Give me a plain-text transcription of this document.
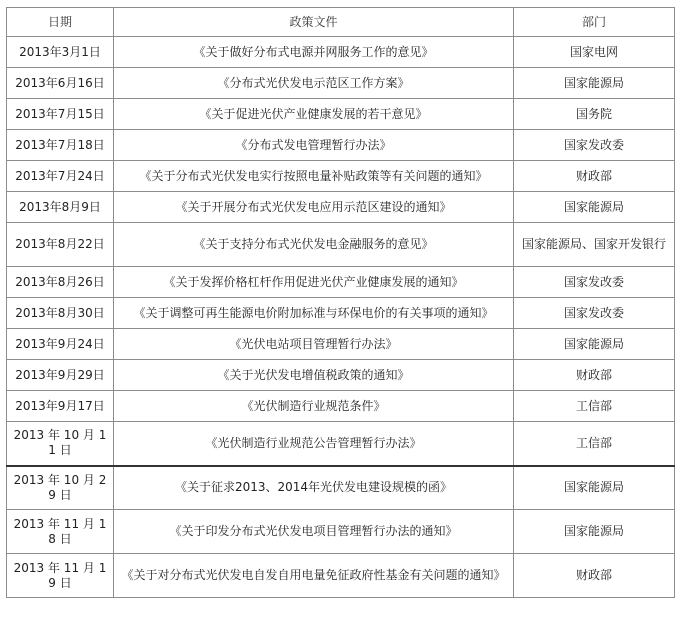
日期	政策文件	部门
2013年3月1日	《关于做好分布式电源并网服务工作的意见》	国家电网
2013年6月16日	《分布式光伏发电示范区工作方案》	国家能源局
2013年7月15日	《关于促进光伏产业健康发展的若干意见》	国务院
2013年7月18日	《分布式发电管理暂行办法》	国家发改委
2013年7月24日	《关于分布式光伏发电实行按照电量补贴政策等有关问题的通知》	财政部
2013年8月9日	《关于开展分布式光伏发电应用示范区建设的通知》	国家能源局
2013年8月22日	《关于支持分布式光伏发电金融服务的意见》	国家能源局、国家开发银行
2013年8月26日	《关于发挥价格杠杆作用促进光伏产业健康发展的通知》	国家发改委
2013年8月30日	《关于调整可再生能源电价附加标准与环保电价的有关事项的通知》	国家发改委
2013年9月24日	《光伏电站项目管理暂行办法》	国家能源局
2013年9月29日	《关于光伏发电增值税政策的通知》	财政部
2013年9月17日	《光伏制造行业规范条件》	工信部
2013 年 10 月 11 日	《光伏制造行业规范公告管理暂行办法》	工信部
2013 年 10 月 29 日	《关于征求2013、2014年光伏发电建设规模的函》	国家能源局
2013 年 11 月 18 日	《关于印发分布式光伏发电项目管理暂行办法的通知》	国家能源局
2013 年 11 月 19 日	《关于对分布式光伏发电自发自用电量免征政府性基金有关问题的通知》	财政部
